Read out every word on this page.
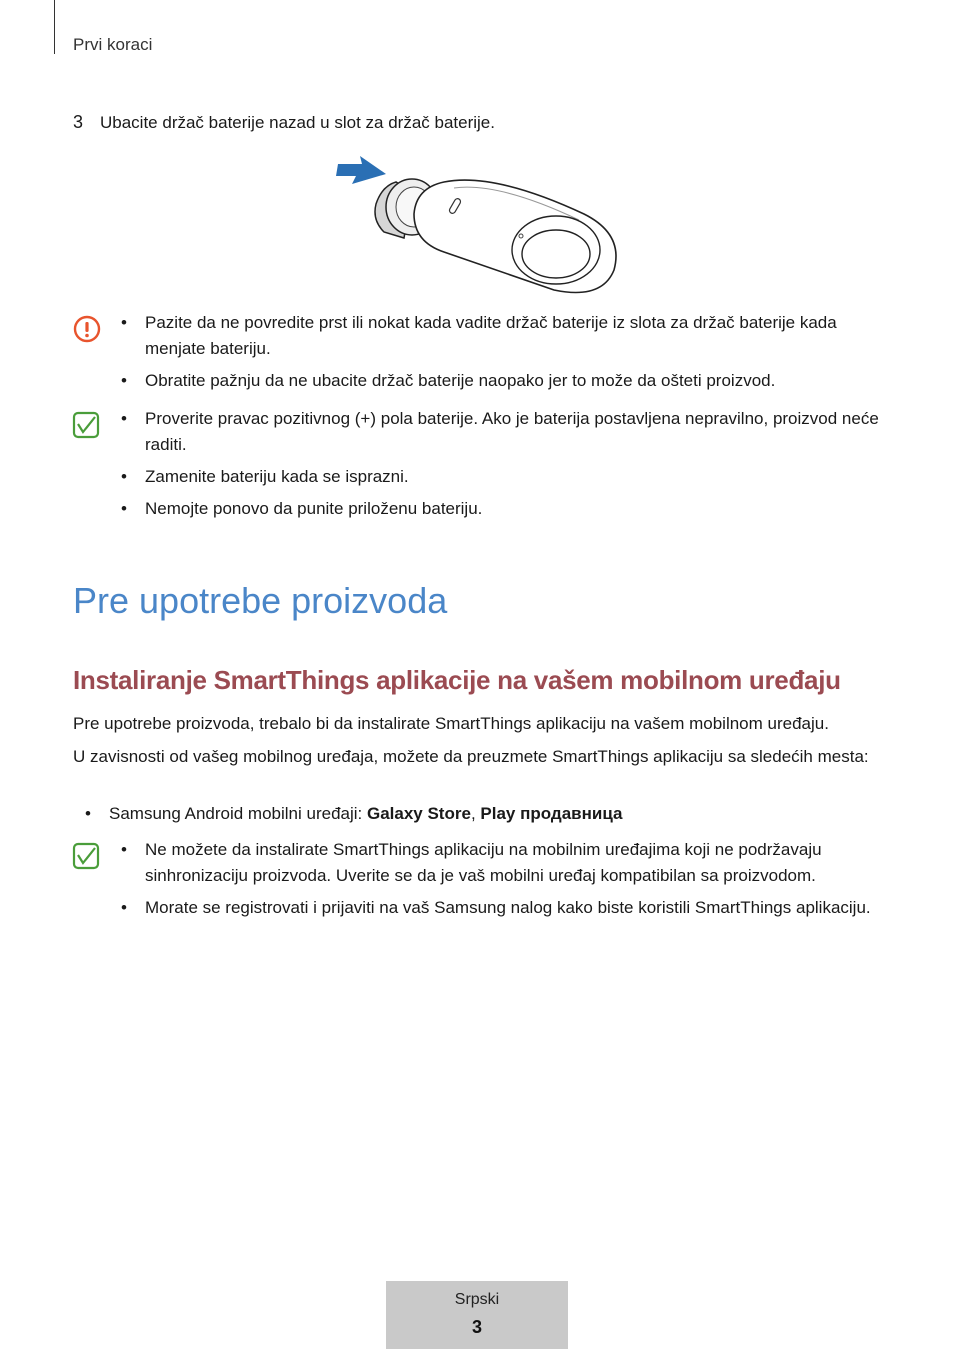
Prvi koraci
3 Ubacite držač baterije nazad u slot za držač baterije.
• Pazite da ne povredite prst ili nokat kada vadite držač baterije iz slota za držač baterije kada menjate bateriju.
• Obratite pažnju da ne ubacite držač baterije naopako jer to može da ošteti proizvod.
• Proverite pravac pozitivnog (+) pola baterije. Ako je baterija postavljena nepravilno, proizvod neće raditi.
• Zamenite bateriju kada se isprazni.
• Nemojte ponovo da punite priloženu bateriju.
Pre upotrebe proizvoda
Instaliranje SmartThings aplikacije na vašem mobilnom uređaju
Pre upotrebe proizvoda, trebalo bi da instalirate SmartThings aplikaciju na vašem mobilnom uređaju.
U zavisnosti od vašeg mobilnog uređaja, možete da preuzmete SmartThings aplikaciju sa sledećih mesta:
• Samsung Android mobilni uređaji: Galaxy Store, Play продавница
• Ne možete da instalirate SmartThings aplikaciju na mobilnim uređajima koji ne podržavaju sinhronizaciju proizvoda. Uverite se da je vaš mobilni uređaj kompatibilan sa proizvodom.
• Morate se registrovati i prijaviti na vaš Samsung nalog kako biste koristili SmartThings aplikaciju.
Srpski
3
